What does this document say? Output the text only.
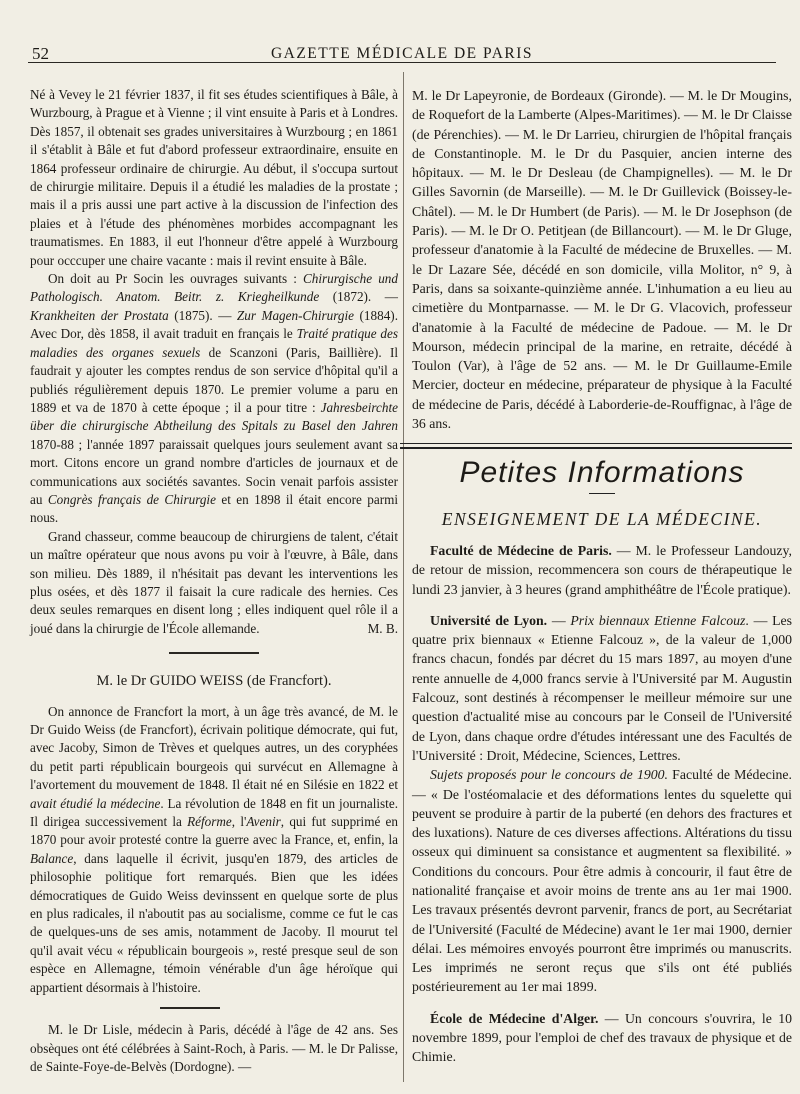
52	GAZETTE MÉDICALE DE PARIS

Né à Vevey le 21 février 1837, il fit ses études scientifiques à Bâle, à Wurzbourg, à Prague et à Vienne ; il vint ensuite à Paris et à Londres. Dès 1857, il obtenait ses grades universitaires à Wurzbourg ; en 1861 il s'établit à Bâle et fut d'abord professeur extraordinaire, ensuite en 1864 professeur ordinaire de chirurgie. Au début, il s'occupa surtout de chirurgie militaire. Depuis il a étudié les maladies de la prostate ; mais il a pris aussi une part active à la discussion de l'infection des plaies et à l'étude des phénomènes morbides accompagnant les traumatismes. En 1883, il eut l'honneur d'être appelé à Wurzbourg pour occcuper une chaire vacante : mais il revint ensuite à Bâle.

On doit au Pr Socin les ouvrages suivants : Chirurgische und Pathologisch. Anatom. Beitr. z. Kriegheilkunde (1872). — Krankheiten der Prostata (1875). — Zur Magen-Chirurgie (1884). Avec Dor, dès 1858, il avait traduit en français le Traité pratique des maladies des organes sexuels de Scanzoni (Paris, Baillière). Il faudrait y ajouter les comptes rendus de son service d'hôpital qu'il a publiés régulièrement depuis 1870. Le premier volume a paru en 1889 et va de 1870 à cette époque ; il a pour titre : Jahresbeirchte über die chirurgische Abtheilung des Spitals zu Basel den Jahren 1870-88 ; l'année 1897 paraissait quelques jours seulement avant sa mort. Citons encore un grand nombre d'articles de journaux et de communications aux sociétés savantes. Socin venait parfois assister au Congrès français de Chirurgie et en 1898 il était encore parmi nous.

Grand chasseur, comme beaucoup de chirurgiens de talent, c'était un maître opérateur que nous avons pu voir à l'œuvre, à Bâle, dans son milieu. Dès 1889, il n'hésitait pas devant les interventions les plus osées, et dès 1877 il faisait la cure radicale des hernies. Ces deux seules remarques en disent long ; elles indiquent quel rôle il a joué dans la chirurgie de l'École allemande.	M. B.

M. le Dr GUIDO WEISS (de Francfort).

On annonce de Francfort la mort, à un âge très avancé, de M. le Dr Guido Weiss (de Francfort), écrivain politique démocrate, qui fut, avec Jacoby, Simon de Trèves et quelques autres, un des coryphées du petit parti républicain bourgeois qui survécut en Allemagne à l'avortement du mouvement de 1848. Il était né en Silésie en 1822 et avait étudié la médecine. La révolution de 1848 en fit un journaliste. Il dirigea successivement la Réforme, l'Avenir, qui fut supprimé en 1870 pour avoir protesté contre la guerre avec la France, et, enfin, la Balance, dans laquelle il écrivit, jusqu'en 1879, des articles de philosophie politique fort remarqués. Bien que les idées démocratiques de Guido Weiss devinssent en quelque sorte de plus en plus radicales, il n'aboutit pas au socialisme, comme ce fut le cas de quelques-uns de ses amis, notamment de Jacoby. Il mourut tel qu'il avait vécu « républicain bourgeois », resté presque seul de son espèce en Allemagne, témoin vénérable d'un âge héroïque qui appartient désormais à l'histoire.

M. le Dr Lisle, médecin à Paris, décédé à l'âge de 42 ans. Ses obsèques ont été célébrées à Saint-Roch, à Paris. — M. le Dr Palisse, de Sainte-Foye-de-Belvès (Dordogne). —

M. le Dr Lapeyronie, de Bordeaux (Gironde). — M. le Dr Mougins, de Roquefort de la Lamberte (Alpes-Maritimes). — M. le Dr Claisse (de Pérenchies). — M. le Dr Larrieu, chirurgien de l'hôpital français de Constantinople. M. le Dr du Pasquier, ancien interne des hôpitaux. — M. le Dr Desleau (de Champignelles). — M. le Dr Gilles Savornin (de Marseille). — M. le Dr Guillevick (Boissey-le-Châtel). — M. le Dr Humbert (de Paris). — M. le Dr Josephson (de Paris). — M. le Dr O. Petitjean (de Billancourt). — M. le Dr Gluge, professeur d'anatomie à la Faculté de médecine de Bruxelles. — M. le Dr Lazare Sée, décédé en son domicile, villa Molitor, n° 9, à Paris, dans sa soixante-quinzième année. L'inhumation a eu lieu au cimetière du Montparnasse. — M. le Dr G. Vlacovich, professeur d'anatomie à la Faculté de médecine de Padoue. — M. le Dr Mourson, médecin principal de la marine, en retraite, décédé à Toulon (Var), à l'âge de 52 ans. — M. le Dr Guillaume-Emile Mercier, docteur en médecine, préparateur de physique à la Faculté de médecine de Paris, décédé à Laborderie-de-Rouffignac, à l'âge de 36 ans.

Petites Informations
ENSEIGNEMENT DE LA MÉDECINE.

Faculté de Médecine de Paris. — M. le Professeur Landouzy, de retour de mission, recommencera son cours de thérapeutique le lundi 23 janvier, à 3 heures (grand amphithéâtre de l'École pratique).

Université de Lyon. — Prix biennaux Etienne Falcouz. — Les quatre prix biennaux « Etienne Falcouz », de la valeur de 1,000 francs chacun, fondés par décret du 15 mars 1897, au moyen d'une rente annuelle de 4,000 francs servie à l'Université par M. Augustin Falcouz, sont destinés à récompenser le meilleur mémoire sur une question d'actualité mise au concours par le Conseil de l'Université de Lyon, dans chaque ordre d'études intéressant une des Facultés de l'Université : Droit, Médecine, Sciences, Lettres.

Sujets proposés pour le concours de 1900. Faculté de Médecine. — « De l'ostéomalacie et des déformations lentes du squelette qui peuvent se produire à partir de la puberté (en dehors des fractures et des luxations). Nature de ces diverses affections. Altérations du tissu osseux qui diminuent sa consistance et augmentent sa flexibilité. » Conditions du concours. Pour être admis à concourir, il faut être de nationalité française et avoir moins de trente ans au 1er mai 1900. Les travaux présentés devront parvenir, francs de port, au Secrétariat de l'Université (Faculté de Médecine) avant le 1er mai 1900, dernier délai. Les mémoires envoyés pourront être imprimés ou manuscrits. Les imprimés ne seront reçus que s'ils ont été publiés postérieurement au 1er mai 1899.

École de Médecine d'Alger. — Un concours s'ouvrira, le 10 novembre 1899, pour l'emploi de chef des travaux de physique et de Chimie.
